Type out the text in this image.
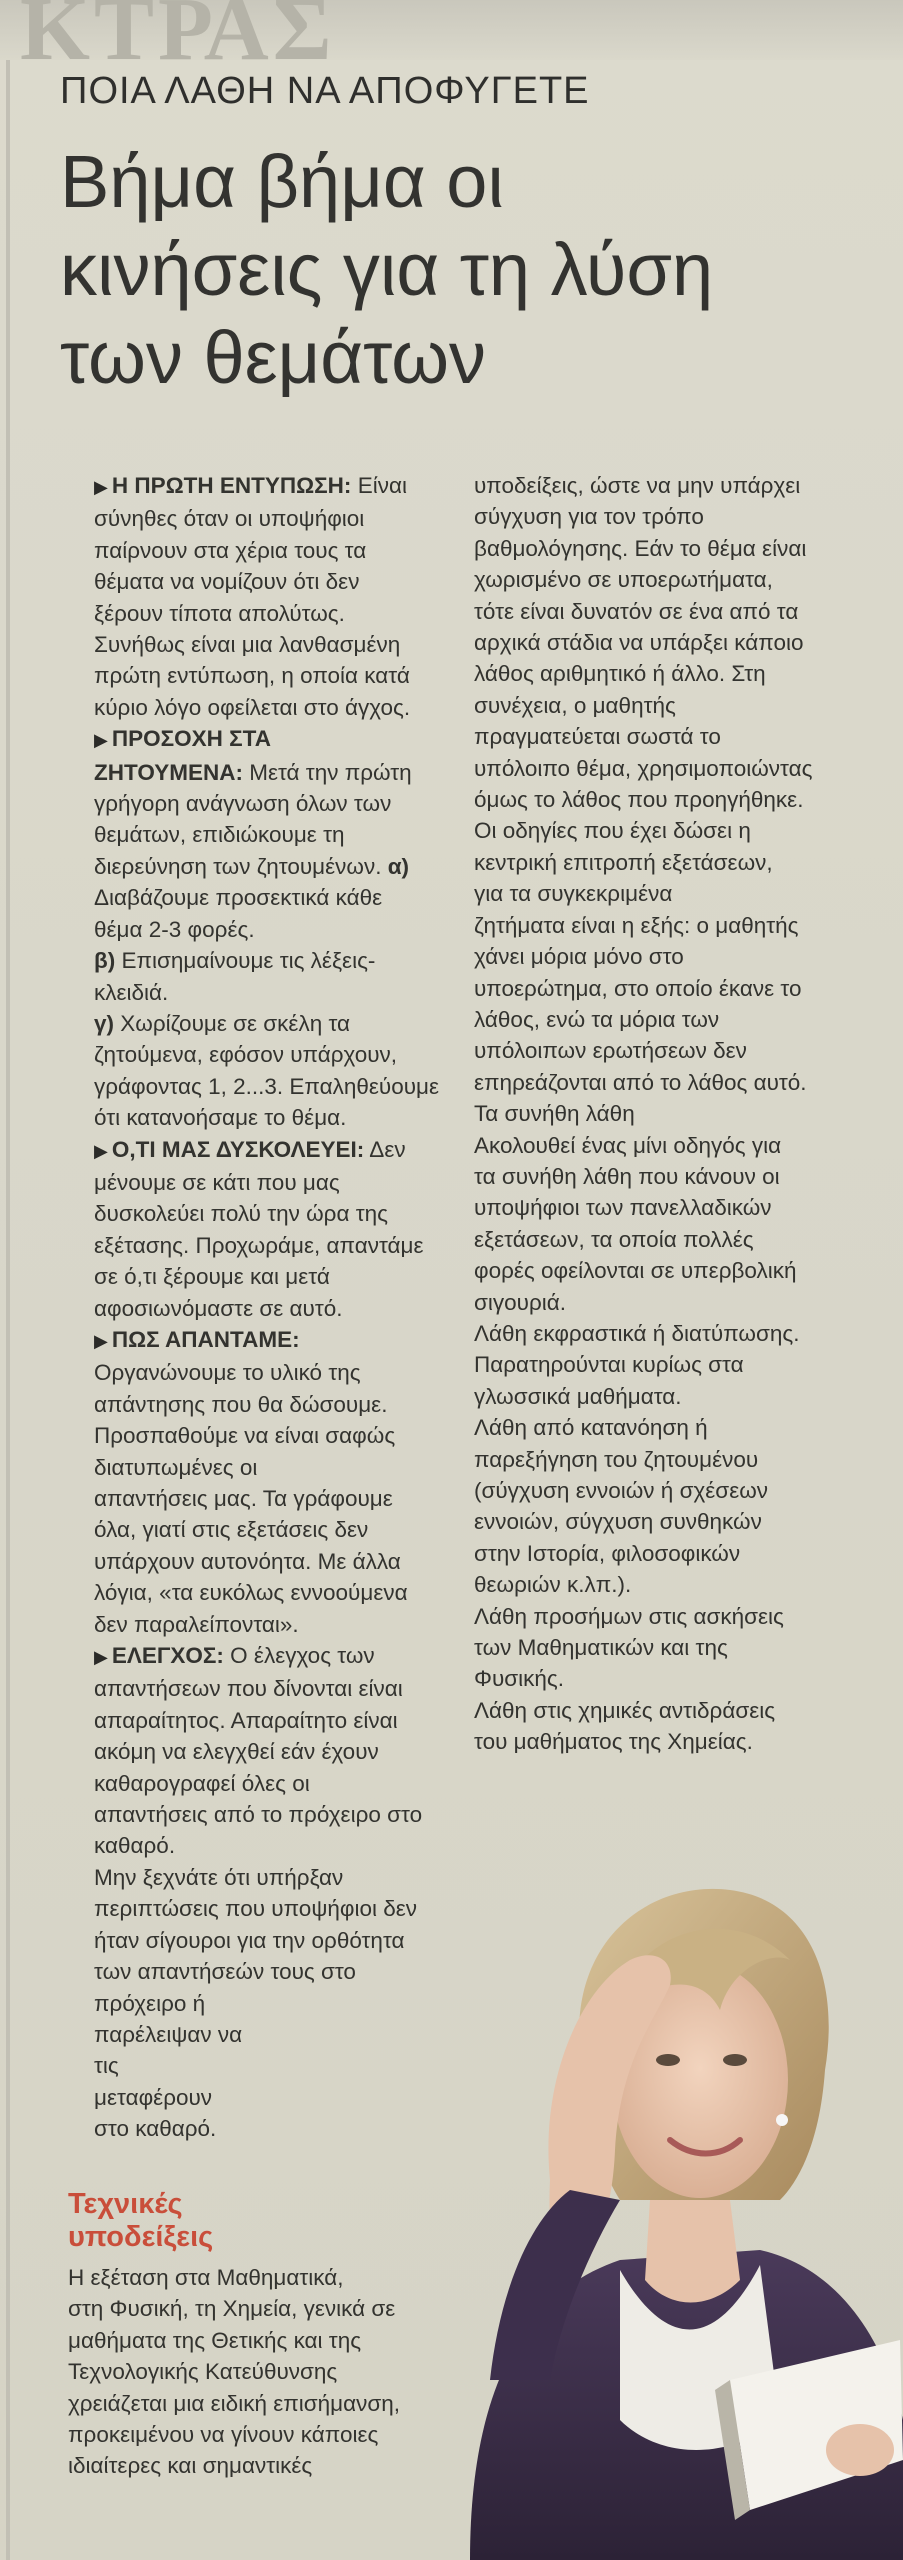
ΚΤΡΑΣ
ΠΟΙΑ ΛΑΘΗ ΝΑ ΑΠΟΦΥΓΕΤΕ
Βήμα βήμα οι
κινήσεις για τη λύση
των θεμάτων
▶ Η ΠΡΩΤΗ ΕΝΤΥΠΩΣΗ: Είναι
σύνηθες όταν οι υποψήφιοι
παίρνουν στα χέρια τους τα
θέματα να νομίζουν ότι δεν
ξέρουν τίποτα απολύτως.
Συνήθως είναι μια λανθασμένη
πρώτη εντύπωση, η οποία κατά
κύριο λόγο οφείλεται στο άγχος.
▶ ΠΡΟΣΟΧΗ ΣΤΑ
ΖΗΤΟΥΜΕΝΑ: Μετά την πρώτη
γρήγορη ανάγνωση όλων των
θεμάτων, επιδιώκουμε τη
διερεύνηση των ζητουμένων. α)
Διαβάζουμε προσεκτικά κάθε
θέμα 2-3 φορές.
β) Επισημαίνουμε τις λέξεις-
κλειδιά.
γ) Χωρίζουμε σε σκέλη τα
ζητούμενα, εφόσον υπάρχουν,
γράφοντας 1, 2...3. Επαληθεύουμε
ότι κατανοήσαμε το θέμα.
▶ Ο,ΤΙ ΜΑΣ ΔΥΣΚΟΛΕΥΕΙ: Δεν
μένουμε σε κάτι που μας
δυσκολεύει πολύ την ώρα της
εξέτασης. Προχωράμε, απαντάμε
σε ό,τι ξέρουμε και μετά
αφοσιωνόμαστε σε αυτό.
▶ ΠΩΣ ΑΠΑΝΤΑΜΕ:
Οργανώνουμε το υλικό της
απάντησης που θα δώσουμε.
Προσπαθούμε να είναι σαφώς
διατυπωμένες οι
απαντήσεις μας. Τα γράφουμε
όλα, γιατί στις εξετάσεις δεν
υπάρχουν αυτονόητα. Με άλλα
λόγια, «τα ευκόλως εννοούμενα
δεν παραλείπονται».
▶ ΕΛΕΓΧΟΣ: Ο έλεγχος των
απαντήσεων που δίνονται είναι
απαραίτητος. Απαραίτητο είναι
ακόμη να ελεγχθεί εάν έχουν
καθαρογραφεί όλες οι
απαντήσεις από το πρόχειρο στο
καθαρό.
Μην ξεχνάτε ότι υπήρξαν
περιπτώσεις που υποψήφιοι δεν
ήταν σίγουροι για την ορθότητα
των απαντήσεών τους στο
πρόχειρο ή
παρέλειψαν να
τις
μεταφέρουν
στο καθαρό.
υποδείξεις, ώστε να μην υπάρχει
σύγχυση για τον τρόπο
βαθμολόγησης. Εάν το θέμα είναι
χωρισμένο σε υποερωτήματα,
τότε είναι δυνατόν σε ένα από τα
αρχικά στάδια να υπάρξει κάποιο
λάθος αριθμητικό ή άλλο. Στη
συνέχεια, ο μαθητής
πραγματεύεται σωστά το
υπόλοιπο θέμα, χρησιμοποιώντας
όμως το λάθος που προηγήθηκε.
Οι οδηγίες που έχει δώσει η
κεντρική επιτροπή εξετάσεων,
για τα συγκεκριμένα
ζητήματα είναι η εξής: ο μαθητής
χάνει μόρια μόνο στο
υποερώτημα, στο οποίο έκανε το
λάθος, ενώ τα μόρια των
υπόλοιπων ερωτήσεων δεν
επηρεάζονται από το λάθος αυτό.
Τα συνήθη λάθη
Ακολουθεί ένας μίνι οδηγός για
τα συνήθη λάθη που κάνουν οι
υποψήφιοι των πανελλαδικών
εξετάσεων, τα οποία πολλές
φορές οφείλονται σε υπερβολική
σιγουριά.
Λάθη εκφραστικά ή διατύπωσης.
Παρατηρούνται κυρίως στα
γλωσσικά μαθήματα.
Λάθη από κατανόηση ή
παρεξήγηση του ζητουμένου
(σύγχυση εννοιών ή σχέσεων
εννοιών, σύγχυση συνθηκών
στην Ιστορία, φιλοσοφικών
θεωριών κ.λπ.).
Λάθη προσήμων στις ασκήσεις
των Μαθηματικών και της
Φυσικής.
Λάθη στις χημικές αντιδράσεις
του μαθήματος της Χημείας.
Τεχνικές
υποδείξεις
Η εξέταση στα Μαθηματικά,
στη Φυσική, τη Χημεία, γενικά σε
μαθήματα της Θετικής και της
Τεχνολογικής Κατεύθυνσης
χρειάζεται μια ειδική επισήμανση,
προκειμένου να γίνουν κάποιες
ιδιαίτερες και σημαντικές
